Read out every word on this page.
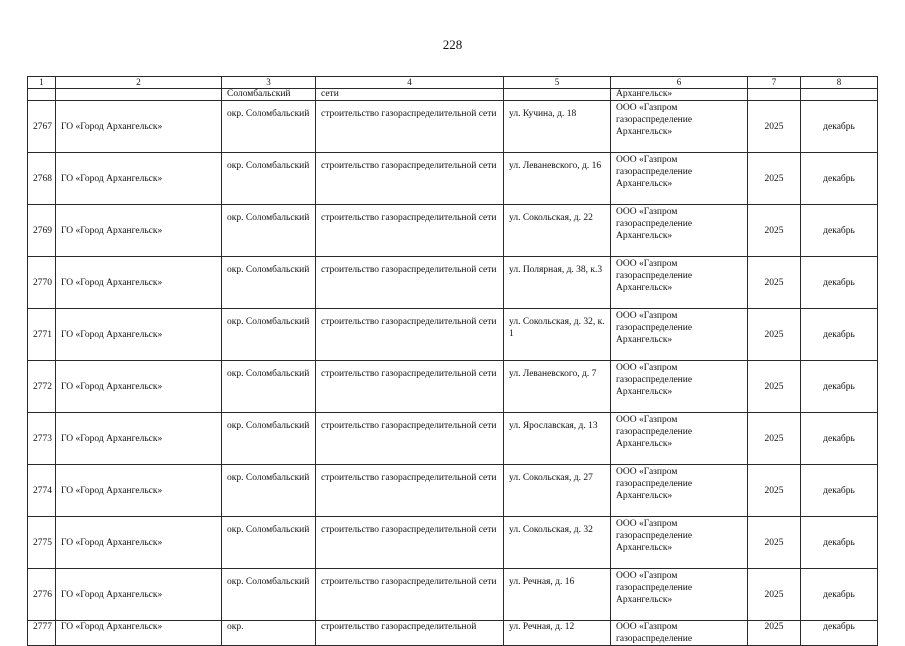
228
1	2	3	4	5	6	7	8
		Соломбальский	сети		Архангельск»		
2767	ГО «Город Архангельск»	окр. Соломбальский	строительство газораспределительной сети	ул. Кучина, д. 18	ООО «Газпром газораспределение Архангельск»	2025	декабрь
2768	ГО «Город Архангельск»	окр. Соломбальский	строительство газораспределительной сети	ул. Леваневского, д. 16	ООО «Газпром газораспределение Архангельск»	2025	декабрь
2769	ГО «Город Архангельск»	окр. Соломбальский	строительство газораспределительной сети	ул. Сокольская, д. 22	ООО «Газпром газораспределение Архангельск»	2025	декабрь
2770	ГО «Город Архангельск»	окр. Соломбальский	строительство газораспределительной сети	ул. Полярная, д. 38, к.3	ООО «Газпром газораспределение Архангельск»	2025	декабрь
2771	ГО «Город Архангельск»	окр. Соломбальский	строительство газораспределительной сети	ул. Сокольская, д. 32, к. 1	ООО «Газпром газораспределение Архангельск»	2025	декабрь
2772	ГО «Город Архангельск»	окр. Соломбальский	строительство газораспределительной сети	ул. Леваневского, д. 7	ООО «Газпром газораспределение Архангельск»	2025	декабрь
2773	ГО «Город Архангельск»	окр. Соломбальский	строительство газораспределительной сети	ул. Ярославская, д. 13	ООО «Газпром газораспределение Архангельск»	2025	декабрь
2774	ГО «Город Архангельск»	окр. Соломбальский	строительство газораспределительной сети	ул. Сокольская, д. 27	ООО «Газпром газораспределение Архангельск»	2025	декабрь
2775	ГО «Город Архангельск»	окр. Соломбальский	строительство газораспределительной сети	ул. Сокольская, д. 32	ООО «Газпром газораспределение Архангельск»	2025	декабрь
2776	ГО «Город Архангельск»	окр. Соломбальский	строительство газораспределительной сети	ул. Речная, д. 16	ООО «Газпром газораспределение Архангельск»	2025	декабрь
2777	ГО «Город Архангельск»	окр.	строительство газораспределительной	ул. Речная, д. 12	ООО «Газпром газораспределение	2025	декабрь
